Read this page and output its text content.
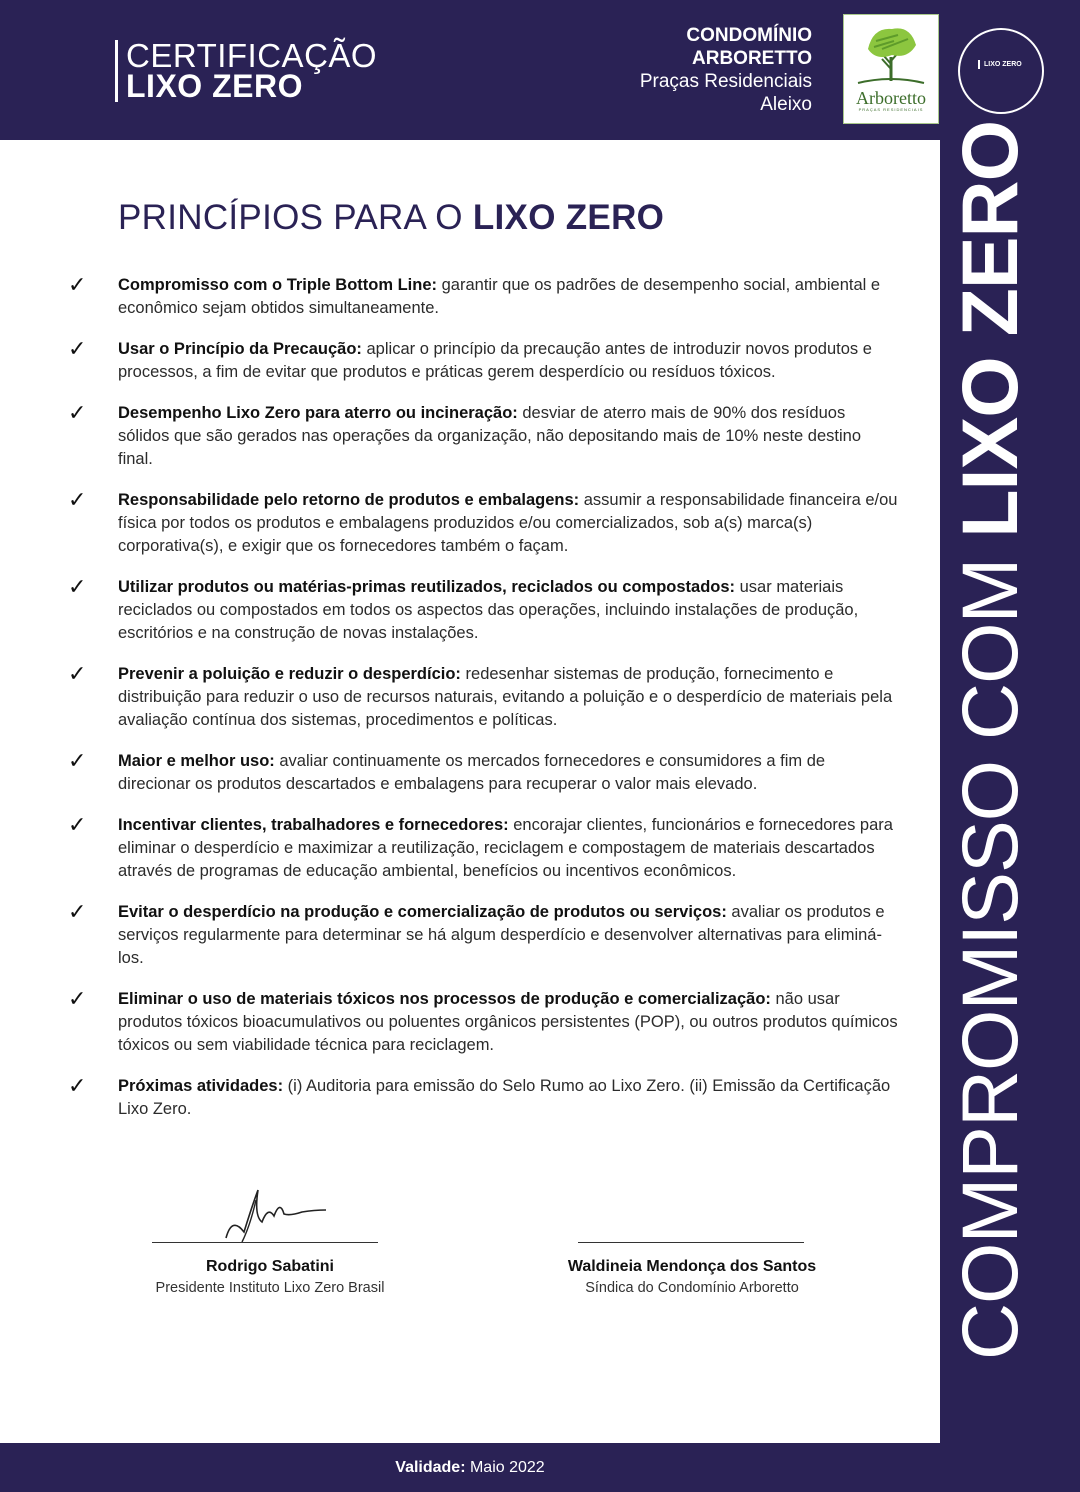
CERTIFICAÇÃO
LIXO ZERO
CONDOMÍNIO
ARBORETTO
Praças Residenciais
Aleixo	Arboretto
PRAÇAS RESIDENCIAIS
LIXO ZERO
PRINCÍPIOS PARA O LIXO ZERO
✓ Compromisso com o Triple Bottom Line: garantir que os padrões de desempenho social, ambiental e econômico sejam obtidos simultaneamente.
✓ Usar o Princípio da Precaução: aplicar o princípio da precaução antes de introduzir novos produtos e processos, a fim de evitar que produtos e práticas gerem desperdício ou resíduos tóxicos.
✓ Desempenho Lixo Zero para aterro ou incineração: desviar de aterro mais de 90% dos resíduos sólidos que são gerados nas operações da organização, não depositando mais de 10% neste destino final.
✓ Responsabilidade pelo retorno de produtos e embalagens: assumir a responsabilidade financeira e/ou física por todos os produtos e embalagens produzidos e/ou comercializados, sob a(s) marca(s) corporativa(s), e exigir que os fornecedores também o façam.
✓ Utilizar produtos ou matérias-primas reutilizados, reciclados ou compostados: usar materiais reciclados ou compostados em todos os aspectos das operações, incluindo instalações de produção, escritórios e na construção de novas instalações.
✓ Prevenir a poluição e reduzir o desperdício: redesenhar sistemas de produção, fornecimento e distribuição para reduzir o uso de recursos naturais, evitando a poluição e o desperdício de materiais pela avaliação contínua dos sistemas, procedimentos e políticas.
✓ Maior e melhor uso: avaliar continuamente os mercados fornecedores e consumidores a fim de direcionar os produtos descartados e embalagens para recuperar o valor mais elevado.
✓ Incentivar clientes, trabalhadores e fornecedores: encorajar clientes, funcionários e fornecedores para eliminar o desperdício e maximizar a reutilização, reciclagem e compostagem de materiais descartados através de programas de educação ambiental, benefícios ou incentivos econômicos.
✓ Evitar o desperdício na produção e comercialização de produtos ou serviços: avaliar os produtos e serviços regularmente para determinar se há algum desperdício e desenvolver alternativas para eliminá-los.
✓ Eliminar o uso de materiais tóxicos nos processos de produção e comercialização: não usar produtos tóxicos bioacumulativos ou poluentes orgânicos persistentes (POP), ou outros produtos químicos tóxicos ou sem viabilidade técnica para reciclagem.
✓ Próximas atividades: (i) Auditoria para emissão do Selo Rumo ao Lixo Zero. (ii) Emissão da Certificação Lixo Zero.
Rodrigo Sabatini
Presidente Instituto Lixo Zero Brasil
Waldineia Mendonça dos Santos
Síndica do Condomínio Arboretto
Validade: Maio 2022
COMPROMISSO COM LIXO ZERO
